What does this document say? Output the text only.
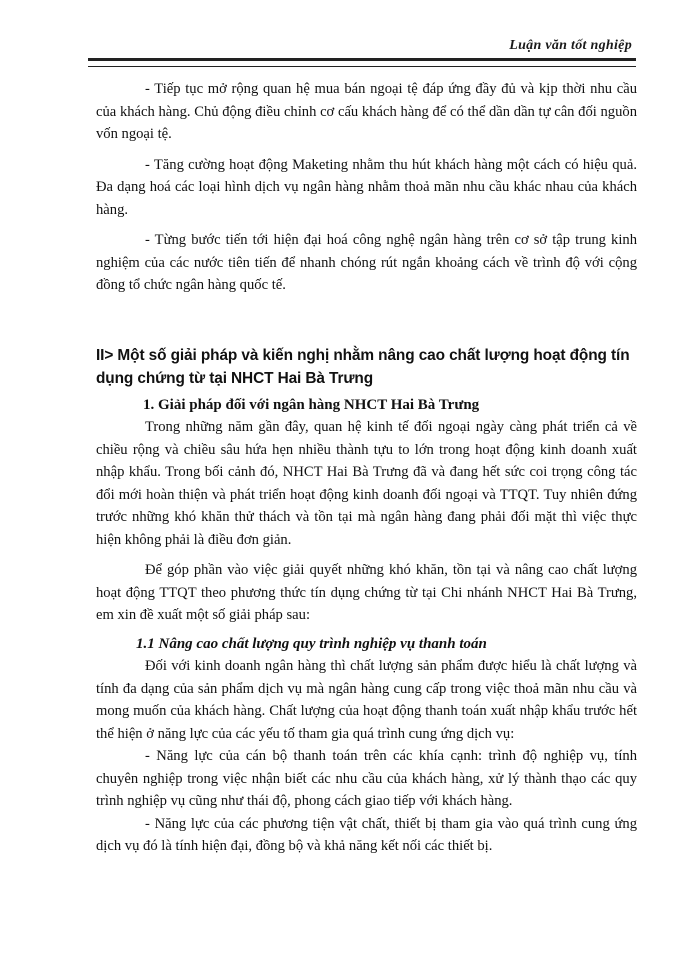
Luận văn tốt nghiệp

- Tiếp tục mở rộng quan hệ mua bán ngoại tệ đáp ứng đầy đủ và kịp thời nhu cầu của khách hàng. Chủ động điều chỉnh cơ cấu khách hàng để có thể dần dần tự cân đối nguồn vốn ngoại tệ.

- Tăng cường hoạt động Maketing nhằm thu hút khách hàng một cách có hiệu quả. Đa dạng hoá các loại hình dịch vụ ngân hàng nhằm thoả mãn nhu cầu khác nhau của khách hàng.

- Từng bước tiến tới hiện đại hoá công nghệ ngân hàng trên cơ sở tập trung kinh nghiệm của các nước tiên tiến để nhanh chóng rút ngắn khoảng cách về trình độ với cộng đồng tổ chức ngân hàng quốc tế.

II> Một số giải pháp và kiến nghị nhằm nâng cao chất lượng hoạt động tín dụng chứng từ tại NHCT Hai Bà Trưng

1. Giải pháp đối với ngân hàng NHCT Hai Bà Trưng

Trong những năm gần đây, quan hệ kinh tế đối ngoại ngày càng phát triển cả về chiều rộng và chiều sâu hứa hẹn nhiều thành tựu to lớn trong hoạt động kinh doanh xuất nhập khẩu. Trong bối cảnh đó, NHCT Hai Bà Trưng đã và đang hết sức coi trọng công tác đổi mới hoàn thiện và phát triển hoạt động kinh doanh đối ngoại và TTQT. Tuy nhiên đứng trước những khó khăn thử thách và tồn tại mà ngân hàng đang phải đối mặt thì việc thực hiện không phải là điều đơn giản.

Để góp phần vào việc giải quyết những khó khăn, tồn tại và nâng cao chất lượng hoạt động TTQT theo phương thức tín dụng chứng từ tại Chi nhánh NHCT Hai Bà Trưng, em xin đề xuất một số giải pháp sau:

1.1 Nâng cao chất lượng quy trình nghiệp vụ thanh toán

Đối với kinh doanh ngân hàng thì chất lượng sản phẩm được hiểu là chất lượng và tính đa dạng của sản phẩm dịch vụ mà ngân hàng cung cấp trong việc thoả mãn nhu cầu và mong muốn của khách hàng. Chất lượng của hoạt động thanh toán xuất nhập khẩu trước hết thể hiện ở năng lực của các yếu tố tham gia quá trình cung ứng dịch vụ:

- Năng lực của cán bộ thanh toán trên các khía cạnh: trình độ nghiệp vụ, tính chuyên nghiệp trong việc nhận biết các nhu cầu của khách hàng, xử lý thành thạo các quy trình nghiệp vụ cũng như thái độ, phong cách giao tiếp với khách hàng.

- Năng lực của các phương tiện vật chất, thiết bị tham gia vào quá trình cung ứng dịch vụ đó là tính hiện đại, đồng bộ và khả năng kết nối các thiết bị.
